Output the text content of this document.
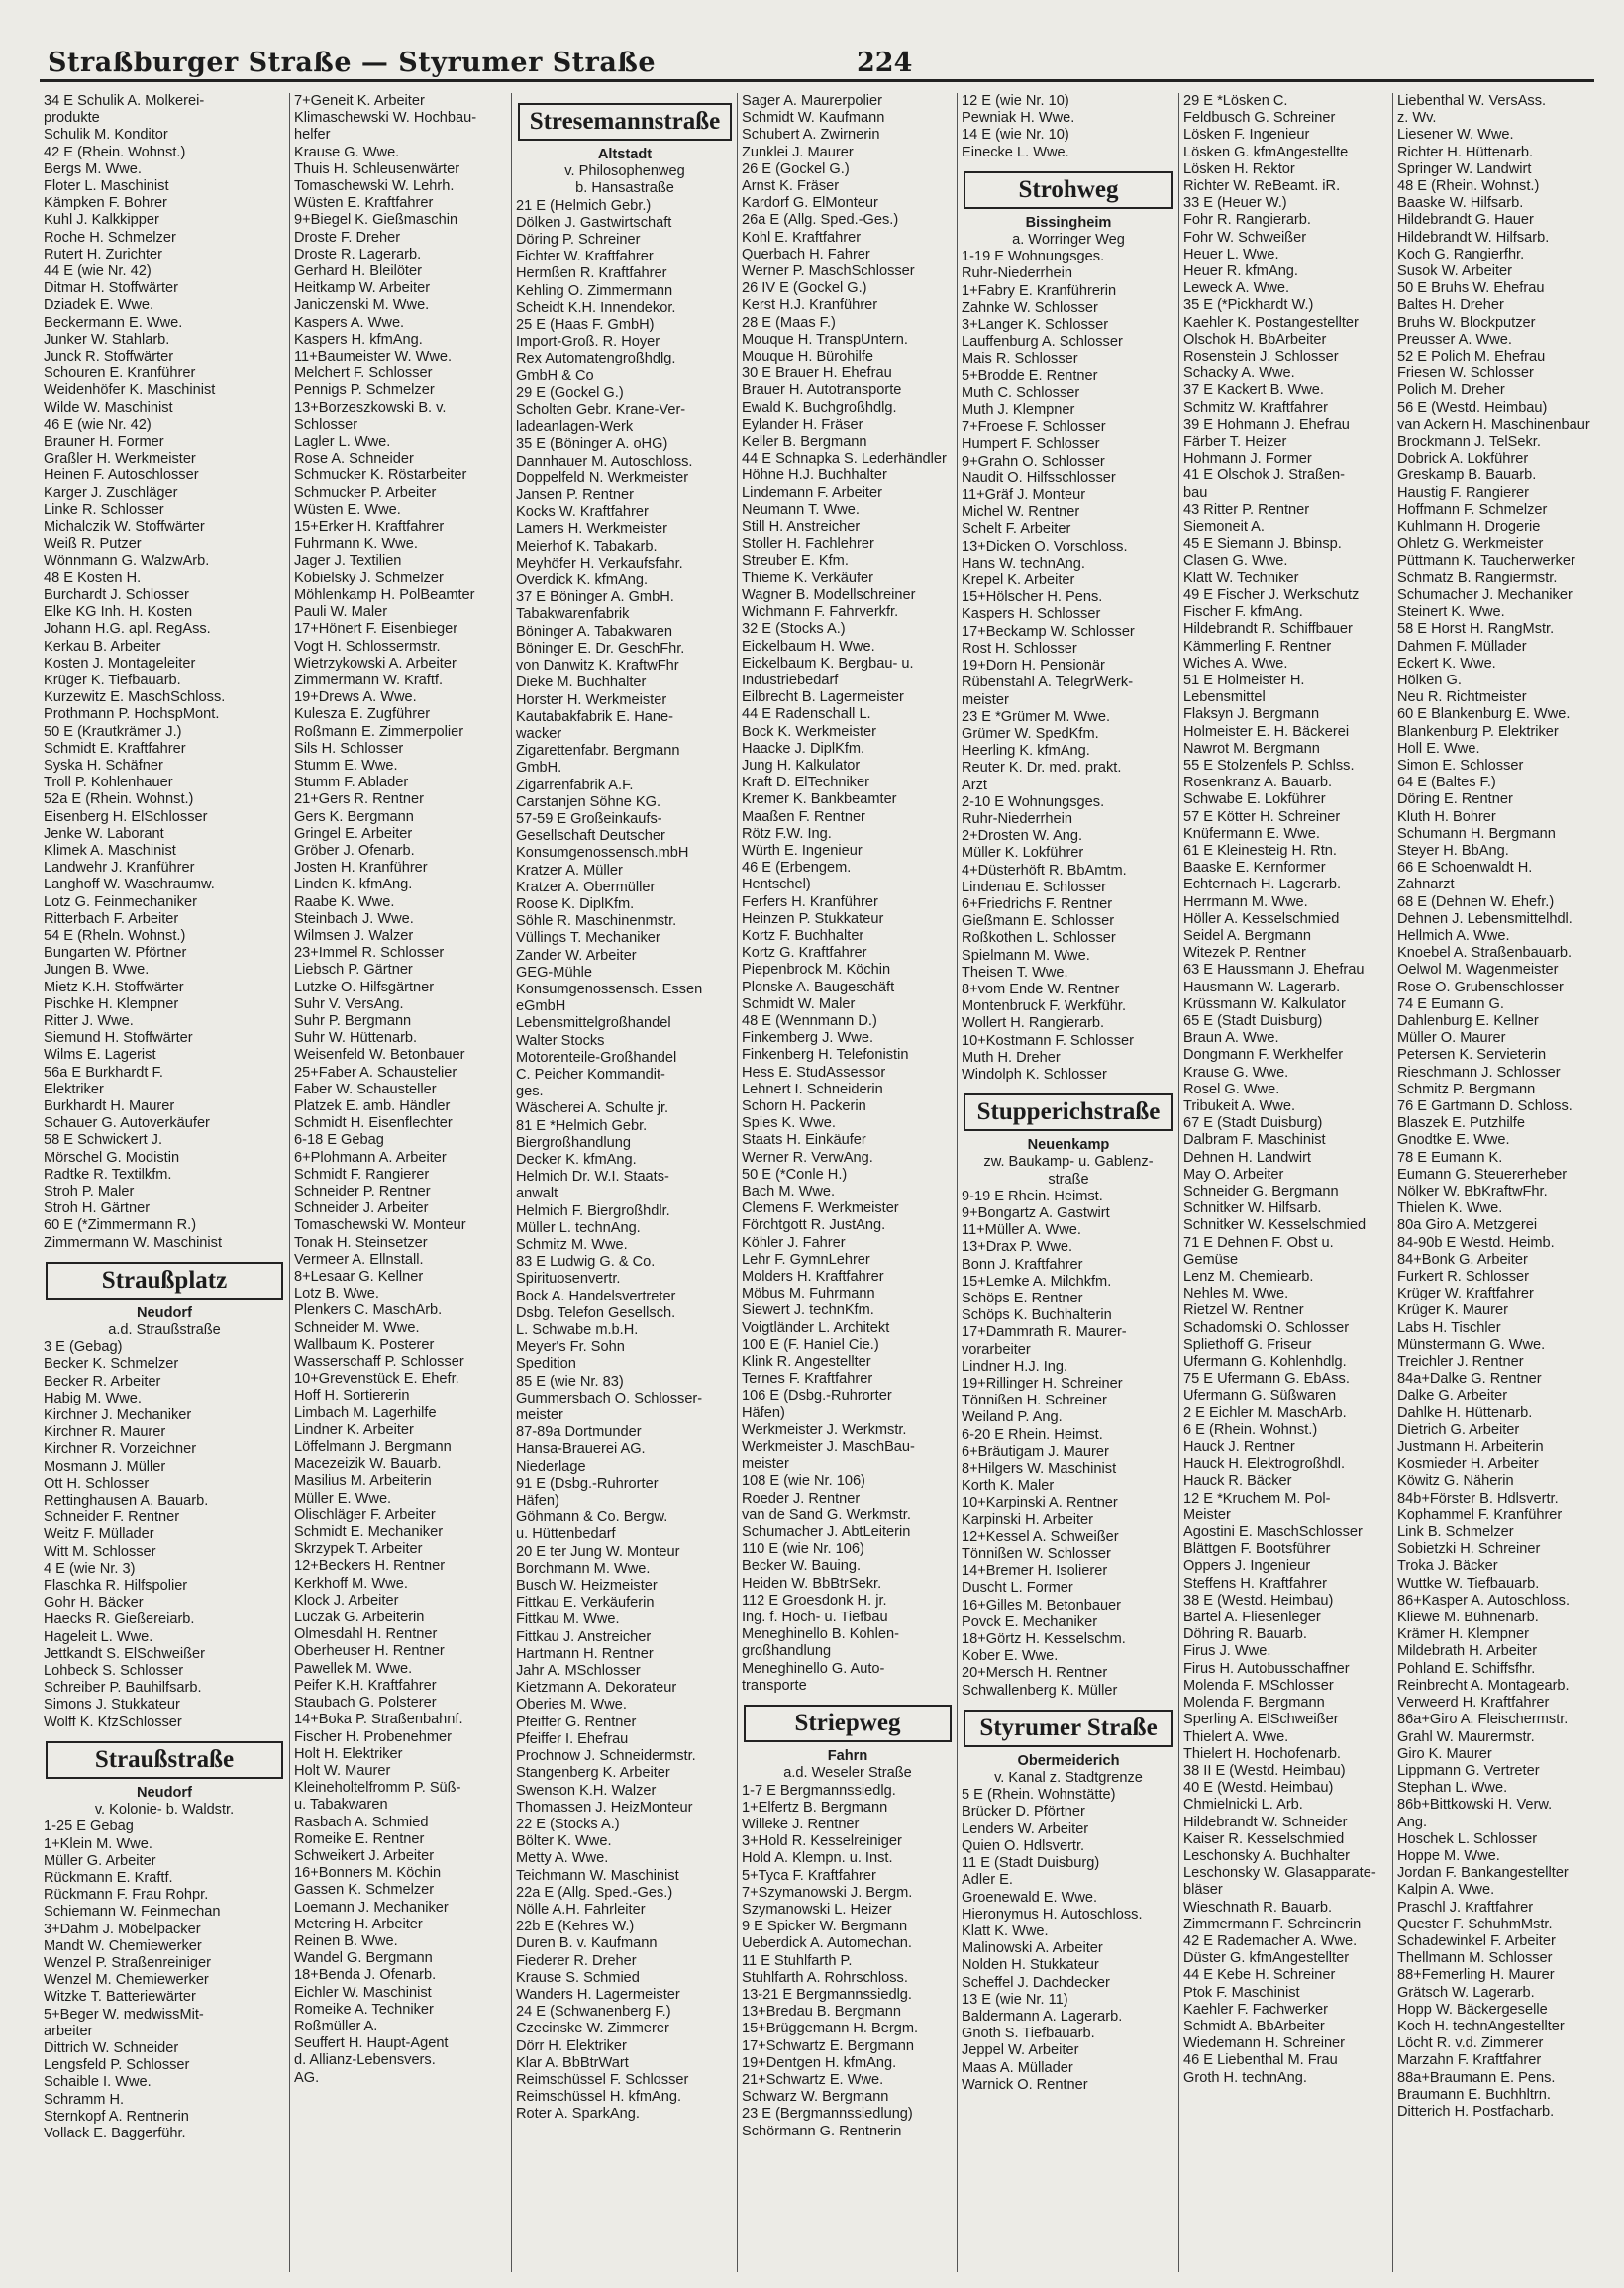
Straßburger Straße — Styrumer Straße	224
34 E Schulik A. Molkerei-
produkte
Schulik M. Konditor
42 E (Rhein. Wohnst.)
Bergs M. Wwe.
Floter L. Maschinist
Kämpken F. Bohrer
Kuhl J. Kalkkipper
Roche H. Schmelzer
Rutert H. Zurichter
44 E (wie Nr. 42)
Ditmar H. Stoffwärter
Dziadek E. Wwe.
Beckermann E. Wwe.
Junker W. Stahlarb.
Junck R. Stoffwärter
Schouren E. Kranführer
Weidenhöfer K. Maschinist
Wilde W. Maschinist
46 E (wie Nr. 42)
Brauner H. Former
Graßler H. Werkmeister
Heinen F. Autoschlosser
Karger J. Zuschläger
Linke R. Schlosser
Michalczik W. Stoffwärter
Weiß R. Putzer
Wönnmann G. WalzwArb.
48 E Kosten H.
Burchardt J. Schlosser
Elke KG Inh. H. Kosten
Johann H.G. apl. RegAss.
Kerkau B. Arbeiter
Kosten J. Montageleiter
Krüger K. Tiefbauarb.
Kurzewitz E. MaschSchloss.
Prothmann P. HochspMont.
50 E (Krautkrämer J.)
Schmidt E. Kraftfahrer
Syska H. Schäfner
Troll P. Kohlenhauer
52a E (Rhein. Wohnst.)
Eisenberg H. ElSchlosser
Jenke W. Laborant
Klimek A. Maschinist
Landwehr J. Kranführer
Langhoff W. Waschraumw.
Lotz G. Feinmechaniker
Ritterbach F. Arbeiter
54 E (Rheln. Wohnst.)
Bungarten W. Pförtner
Jungen B. Wwe.
Mietz K.H. Stoffwärter
Pischke H. Klempner
Ritter J. Wwe.
Siemund H. Stoffwärter
Wilms E. Lagerist
56a E Burkhardt F.
Elektriker
Burkhardt H. Maurer
Schauer G. Autoverkäufer
58 E Schwickert J.
Mörschel G. Modistin
Radtke R. Textilkfm.
Stroh P. Maler
Stroh H. Gärtner
60 E (*Zimmermann R.)
Zimmermann W. Maschinist
Straußplatz
Neudorf
a.d. Straußstraße
3 E (Gebag)
Becker K. Schmelzer
Becker R. Arbeiter
Habig M. Wwe.
Kirchner J. Mechaniker
Kirchner R. Maurer
Kirchner R. Vorzeichner
Mosmann J. Müller
Ott H. Schlosser
Rettinghausen A. Bauarb.
Schneider F. Rentner
Weitz F. Müllader
Witt M. Schlosser
4 E (wie Nr. 3)
Flaschka R. Hilfspolier
Gohr H. Bäcker
Haecks R. Gießereiarb.
Hageleit L. Wwe.
Jettkandt S. ElSchweißer
Lohbeck S. Schlosser
Schreiber P. Bauhilfsarb.
Simons J. Stukkateur
Wolff K. KfzSchlosser
Straußstraße
Neudorf
v. Kolonie- b. Waldstr.
1-25 E Gebag
1+Klein M. Wwe.
Müller G. Arbeiter
Rückmann E. Kraftf.
Rückmann F. Frau Rohpr.
Schiemann W. Feinmechan
3+Dahm J. Möbelpacker
Mandt W. Chemiewerker
Wenzel P. Straßenreiniger
Wenzel M. Chemiewerker
Witzke T. Batteriewärter
5+Beger W. medwissMit-
arbeiter
Dittrich W. Schneider
Lengsfeld P. Schlosser
Schaible I. Wwe.
Schramm H.
Sternkopf A. Rentnerin
Vollack E. Baggerführ.
7+Geneit K. Arbeiter
Klimaschewski W. Hochbau-
helfer
Krause G. Wwe.
Thuis H. Schleusenwärter
Tomaschewski W. Lehrh.
Wüsten E. Kraftfahrer
9+Biegel K. Gießmaschin
Droste F. Dreher
Droste R. Lagerarb.
Gerhard H. Bleilöter
Heitkamp W. Arbeiter
Janiczenski M. Wwe.
Kaspers A. Wwe.
Kaspers H. kfmAng.
11+Baumeister W. Wwe.
Melchert F. Schlosser
Pennigs P. Schmelzer
13+Borzeszkowski B. v.
Schlosser
Lagler L. Wwe.
Rose A. Schneider
Schmucker K. Röstarbeiter
Schmucker P. Arbeiter
Wüsten E. Wwe.
15+Erker H. Kraftfahrer
Fuhrmann K. Wwe.
Jager J. Textilien
Kobielsky J. Schmelzer
Möhlenkamp H. PolBeamter
Pauli W. Maler
17+Hönert F. Eisenbieger
Vogt H. Schlossermstr.
Wietrzykowski A. Arbeiter
Zimmermann W. Kraftf.
19+Drews A. Wwe.
Kulesza E. Zugführer
Roßmann E. Zimmerpolier
Sils H. Schlosser
Stumm E. Wwe.
Stumm F. Ablader
21+Gers R. Rentner
Gers K. Bergmann
Gringel E. Arbeiter
Gröber J. Ofenarb.
Josten H. Kranführer
Linden K. kfmAng.
Raabe K. Wwe.
Steinbach J. Wwe.
Wilmsen J. Walzer
23+Immel R. Schlosser
Liebsch P. Gärtner
Lutzke O. Hilfsgärtner
Suhr V. VersAng.
Suhr P. Bergmann
Suhr W. Hüttenarb.
Weisenfeld W. Betonbauer
25+Faber A. Schaustelier
Faber W. Schausteller
Platzek E. amb. Händler
Schmidt H. Eisenflechter
6-18 E Gebag
6+Plohmann A. Arbeiter
Schmidt F. Rangierer
Schneider P. Rentner
Schneider J. Arbeiter
Tomaschewski W. Monteur
Tonak H. Steinsetzer
Vermeer A. Ellnstall.
8+Lesaar G. Kellner
Lotz B. Wwe.
Plenkers C. MaschArb.
Schneider M. Wwe.
Wallbaum K. Posterer
Wasserschaff P. Schlosser
10+Grevenstück E. Ehefr.
Hoff H. Sortiererin
Limbach M. Lagerhilfe
Lindner K. Arbeiter
Löffelmann J. Bergmann
Macezeizik W. Bauarb.
Masilius M. Arbeiterin
Müller E. Wwe.
Olischläger F. Arbeiter
Schmidt E. Mechaniker
Skrzypek T. Arbeiter
12+Beckers H. Rentner
Kerkhoff M. Wwe.
Klock J. Arbeiter
Luczak G. Arbeiterin
Olmesdahl H. Rentner
Oberheuser H. Rentner
Pawellek M. Wwe.
Peifer K.H. Kraftfahrer
Staubach G. Polsterer
14+Boka P. Straßenbahnf.
Fischer H. Probenehmer
Holt H. Elektriker
Holt W. Maurer
Kleineholtelfromm P. Süß-
u. Tabakwaren
Rasbach A. Schmied
Romeike E. Rentner
Schweikert J. Arbeiter
16+Bonners M. Köchin
Gassen K. Schmelzer
Loemann J. Mechaniker
Metering H. Arbeiter
Reinen B. Wwe.
Wandel G. Bergmann
18+Benda J. Ofenarb.
Eichler W. Maschinist
Romeike A. Techniker
Roßmüller A.
Seuffert H. Haupt-Agent
d. Allianz-Lebensvers.
AG.
Stresemannstraße
Altstadt
v. Philosophenweg
b. Hansastraße
21 E (Helmich Gebr.)
Dölken J. Gastwirtschaft
Döring P. Schreiner
Fichter W. Kraftfahrer
Hermßen R. Kraftfahrer
Kehling O. Zimmermann
Scheidt K.H. Innendekor.
25 E (Haas F. GmbH)
Import-Groß. R. Hoyer
Rex Automatengroßhdlg.
GmbH & Co
29 E (Gockel G.)
Scholten Gebr. Krane-Ver-
ladeanlagen-Werk
35 E (Böninger A. oHG)
Dannhauer M. Autoschloss.
Doppelfeld N. Werkmeister
Jansen P. Rentner
Kocks W. Kraftfahrer
Lamers H. Werkmeister
Meierhof K. Tabakarb.
Meyhöfer H. Verkaufsfahr.
Overdick K. kfmAng.
37 E Böninger A. GmbH.
Tabakwarenfabrik
Böninger A. Tabakwaren
Böninger E. Dr. GeschFhr.
von Danwitz K. KraftwFhr
Dieke M. Buchhalter
Horster H. Werkmeister
Kautabakfabrik E. Hane-
wacker
Zigarettenfabr. Bergmann
GmbH.
Zigarrenfabrik A.F.
Carstanjen Söhne KG.
57-59 E Großeinkaufs-
Gesellschaft Deutscher
Konsumgenossensch.mbH
Kratzer A. Müller
Kratzer A. Obermüller
Roose K. DiplKfm.
Söhle R. Maschinenmstr.
Vüllings T. Mechaniker
Zander W. Arbeiter
GEG-Mühle
Konsumgenossensch. Essen
eGmbH
Lebensmittelgroßhandel
Walter Stocks
Motorenteile-Großhandel
C. Peicher Kommandit-
ges.
Wäscherei A. Schulte jr.
81 E *Helmich Gebr.
Biergroßhandlung
Decker K. kfmAng.
Helmich Dr. W.I. Staats-
anwalt
Helmich F. Biergroßhdlr.
Müller L. technAng.
Schmitz M. Wwe.
83 E Ludwig G. & Co.
Spirituosenvertr.
Bock A. Handelsvertreter
Dsbg. Telefon Gesellsch.
L. Schwabe m.b.H.
Meyer's Fr. Sohn
Spedition
85 E (wie Nr. 83)
Gummersbach O. Schlosser-
meister
87-89a Dortmunder
Hansa-Brauerei AG.
Niederlage
91 E (Dsbg.-Ruhrorter
Häfen)
Göhmann & Co. Bergw.
u. Hüttenbedarf
20 E ter Jung W. Monteur
Borchmann M. Wwe.
Busch W. Heizmeister
Fittkau E. Verkäuferin
Fittkau M. Wwe.
Fittkau J. Anstreicher
Hartmann H. Rentner
Jahr A. MSchlosser
Kietzmann A. Dekorateur
Oberies M. Wwe.
Pfeiffer G. Rentner
Pfeiffer I. Ehefrau
Prochnow J. Schneidermstr.
Stangenberg K. Arbeiter
Swenson K.H. Walzer
Thomassen J. HeizMonteur
22 E (Stocks A.)
Bölter K. Wwe.
Metty A. Wwe.
Teichmann W. Maschinist
22a E (Allg. Sped.-Ges.)
Nölle A.H. Fahrleiter
22b E (Kehres W.)
Duren B. v. Kaufmann
Fiederer R. Dreher
Krause S. Schmied
Wanders H. Lagermeister
24 E (Schwanenberg F.)
Czecinske W. Zimmerer
Dörr H. Elektriker
Klar A. BbBtrWart
Reimschüssel F. Schlosser
Reimschüssel H. kfmAng.
Roter A. SparkAng.
Sager A. Maurerpolier
Schmidt W. Kaufmann
Schubert A. Zwirnerin
Zunklei J. Maurer
26 E (Gockel G.)
Arnst K. Fräser
Kardorf G. ElMonteur
26a E (Allg. Sped.-Ges.)
Kohl E. Kraftfahrer
Querbach H. Fahrer
Werner P. MaschSchlosser
26 IV E (Gockel G.)
Kerst H.J. Kranführer
28 E (Maas F.)
Mouque H. TranspUntern.
Mouque H. Bürohilfe
30 E Brauer H. Ehefrau
Brauer H. Autotransporte
Ewald K. Buchgroßhdlg.
Eylander H. Fräser
Keller B. Bergmann
44 E Schnapka S. Lederhändler
Höhne H.J. Buchhalter
Lindemann F. Arbeiter
Neumann T. Wwe.
Still H. Anstreicher
Stoller H. Fachlehrer
Streuber E. Kfm.
Thieme K. Verkäufer
Wagner B. Modellschreiner
Wichmann F. Fahrverkfr.
32 E (Stocks A.)
Eickelbaum H. Wwe.
Eickelbaum K. Bergbau- u.
Industriebedarf
Eilbrecht B. Lagermeister
44 E Radenschall L.
Bock K. Werkmeister
Haacke J. DiplKfm.
Jung H. Kalkulator
Kraft D. ElTechniker
Kremer K. Bankbeamter
Maaßen F. Rentner
Rötz F.W. Ing.
Würth E. Ingenieur
46 E (Erbengem.
Hentschel)
Ferfers H. Kranführer
Heinzen P. Stukkateur
Kortz F. Buchhalter
Kortz G. Kraftfahrer
Piepenbrock M. Köchin
Plonske A. Baugeschäft
Schmidt W. Maler
48 E (Wennmann D.)
Finkemberg J. Wwe.
Finkenberg H. Telefonistin
Hess E. StudAssessor
Lehnert I. Schneiderin
Schorn H. Packerin
Spies K. Wwe.
Staats H. Einkäufer
Werner R. VerwAng.
50 E (*Conle H.)
Bach M. Wwe.
Clemens F. Werkmeister
Förchtgott R. JustAng.
Köhler J. Fahrer
Lehr F. GymnLehrer
Molders H. Kraftfahrer
Möbus M. Fuhrmann
Siewert J. technKfm.
Voigtländer L. Architekt
100 E (F. Haniel Cie.)
Klink R. Angestellter
Ternes F. Kraftfahrer
106 E (Dsbg.-Ruhrorter
Häfen)
Werkmeister J. Werkmstr.
Werkmeister J. MaschBau-
meister
108 E (wie Nr. 106)
Roeder J. Rentner
van de Sand G. Werkmstr.
Schumacher J. AbtLeiterin
110 E (wie Nr. 106)
Becker W. Bauing.
Heiden W. BbBtrSekr.
112 E Groesdonk H. jr.
Ing. f. Hoch- u. Tiefbau
Meneghinello B. Kohlen-
großhandlung
Meneghinello G. Auto-
transporte
Striepweg
Fahrn
a.d. Weseler Straße
1-7 E Bergmannssiedlg.
1+Elfertz B. Bergmann
Willeke J. Rentner
3+Hold R. Kesselreiniger
Hold A. Klempn. u. Inst.
5+Tyca F. Kraftfahrer
7+Szymanowski J. Bergm.
Szymanowski L. Heizer
9 E Spicker W. Bergmann
Ueberdick A. Automechan.
11 E Stuhlfarth P.
Stuhlfarth A. Rohrschloss.
13-21 E Bergmannssiedlg.
13+Bredau B. Bergmann
15+Brüggemann H. Bergm.
17+Schwartz E. Bergmann
19+Dentgen H. kfmAng.
21+Schwartz E. Wwe.
Schwarz W. Bergmann
23 E (Bergmannssiedlung)
Schörmann G. Rentnerin
12 E (wie Nr. 10)
Pewniak H. Wwe.
14 E (wie Nr. 10)
Einecke L. Wwe.
Strohweg
Bissingheim
a. Worringer Weg
1-19 E Wohnungsges.
Ruhr-Niederrhein
1+Fabry E. Kranführerin
Zahnke W. Schlosser
3+Langer K. Schlosser
Lauffenburg A. Schlosser
Mais R. Schlosser
5+Brodde E. Rentner
Muth C. Schlosser
Muth J. Klempner
7+Froese F. Schlosser
Humpert F. Schlosser
9+Grahn O. Schlosser
Naudit O. Hilfsschlosser
11+Gräf J. Monteur
Michel W. Rentner
Schelt F. Arbeiter
13+Dicken O. Vorschloss.
Hans W. technAng.
Krepel K. Arbeiter
15+Hölscher H. Pens.
Kaspers H. Schlosser
17+Beckamp W. Schlosser
Rost H. Schlosser
19+Dorn H. Pensionär
Rübenstahl A. TelegrWerk-
meister
23 E *Grümer M. Wwe.
Grümer W. SpedKfm.
Heerling K. kfmAng.
Reuter K. Dr. med. prakt.
Arzt
2-10 E Wohnungsges.
Ruhr-Niederrhein
2+Drosten W. Ang.
Müller K. Lokführer
4+Düsterhöft R. BbAmtm.
Lindenau E. Schlosser
6+Friedrichs F. Rentner
Gießmann E. Schlosser
Roßkothen L. Schlosser
Spielmann M. Wwe.
Theisen T. Wwe.
8+vom Ende W. Rentner
Montenbruck F. Werkführ.
Wollert H. Rangierarb.
10+Kostmann F. Schlosser
Muth H. Dreher
Windolph K. Schlosser
Stupperichstraße
Neuenkamp
zw. Baukamp- u. Gablenz-
straße
9-19 E Rhein. Heimst.
9+Bongartz A. Gastwirt
11+Müller A. Wwe.
13+Drax P. Wwe.
Bonn J. Kraftfahrer
15+Lemke A. Milchkfm.
Schöps E. Rentner
Schöps K. Buchhalterin
17+Dammrath R. Maurer-
vorarbeiter
Lindner H.J. Ing.
19+Rillinger H. Schreiner
Tönnißen H. Schreiner
Weiland P. Ang.
6-20 E Rhein. Heimst.
6+Bräutigam J. Maurer
8+Hilgers W. Maschinist
Korth K. Maler
10+Karpinski A. Rentner
Karpinski H. Arbeiter
12+Kessel A. Schweißer
Tönnißen W. Schlosser
14+Bremer H. Isolierer
Duscht L. Former
16+Gilles M. Betonbauer
Povck E. Mechaniker
18+Görtz H. Kesselschm.
Kober E. Wwe.
20+Mersch H. Rentner
Schwallenberg K. Müller
Styrumer Straße
Obermeiderich
v. Kanal z. Stadtgrenze
5 E (Rhein. Wohnstätte)
Brücker D. Pförtner
Lenders W. Arbeiter
Quien O. Hdlsvertr.
11 E (Stadt Duisburg)
Adler E.
Groenewald E. Wwe.
Hieronymus H. Autoschloss.
Klatt K. Wwe.
Malinowski A. Arbeiter
Nolden H. Stukkateur
Scheffel J. Dachdecker
13 E (wie Nr. 11)
Baldermann A. Lagerarb.
Gnoth S. Tiefbauarb.
Jeppel W. Arbeiter
Maas A. Müllader
Warnick O. Rentner
29 E *Lösken C.
Feldbusch G. Schreiner
Lösken F. Ingenieur
Lösken G. kfmAngestellte
Lösken H. Rektor
Richter W. ReBeamt. iR.
33 E (Heuer W.)
Fohr R. Rangierarb.
Fohr W. Schweißer
Heuer L. Wwe.
Heuer R. kfmAng.
Leweck A. Wwe.
35 E (*Pickhardt W.)
Kaehler K. Postangestellter
Olschok H. BbArbeiter
Rosenstein J. Schlosser
Schacky A. Wwe.
37 E Kackert B. Wwe.
Schmitz W. Kraftfahrer
39 E Hohmann J. Ehefrau
Färber T. Heizer
Hohmann J. Former
41 E Olschok J. Straßen-
bau
43 Ritter P. Rentner
Siemoneit A.
45 E Siemann J. Bbinsp.
Clasen G. Wwe.
Klatt W. Techniker
49 E Fischer J. Werkschutz
Fischer F. kfmAng.
Hildebrandt R. Schiffbauer
Kämmerling F. Rentner
Wiches A. Wwe.
51 E Holmeister H.
Lebensmittel
Flaksyn J. Bergmann
Holmeister E. H. Bäckerei
Nawrot M. Bergmann
55 E Stolzenfels P. Schlss.
Rosenkranz A. Bauarb.
Schwabe E. Lokführer
57 E Kötter H. Schreiner
Knüfermann E. Wwe.
61 E Kleinesteig H. Rtn.
Baaske E. Kernformer
Echternach H. Lagerarb.
Herrmann M. Wwe.
Höller A. Kesselschmied
Seidel A. Bergmann
Witezek P. Rentner
63 E Haussmann J. Ehefrau
Hausmann W. Lagerarb.
Krüssmann W. Kalkulator
65 E (Stadt Duisburg)
Braun A. Wwe.
Dongmann F. Werkhelfer
Krause G. Wwe.
Rosel G. Wwe.
Tribukeit A. Wwe.
67 E (Stadt Duisburg)
Dalbram F. Maschinist
Dehnen H. Landwirt
May O. Arbeiter
Schneider G. Bergmann
Schnitker W. Hilfsarb.
Schnitker W. Kesselschmied
71 E Dehnen F. Obst u.
Gemüse
Lenz M. Chemiearb.
Nehles M. Wwe.
Rietzel W. Rentner
Schadomski O. Schlosser
Spliethoff G. Friseur
Ufermann G. Kohlenhdlg.
75 E Ufermann G. EbAss.
Ufermann G. Süßwaren
2 E Eichler M. MaschArb.
6 E (Rhein. Wohnst.)
Hauck J. Rentner
Hauck H. Elektrogroßhdl.
Hauck R. Bäcker
12 E *Kruchem M. Pol-
Meister
Agostini E. MaschSchlosser
Blättgen F. Bootsführer
Oppers J. Ingenieur
Steffens H. Kraftfahrer
38 E (Westd. Heimbau)
Bartel A. Fliesenleger
Döhring R. Bauarb.
Firus J. Wwe.
Firus H. Autobusschaffner
Molenda F. MSchlosser
Molenda F. Bergmann
Sperling A. ElSchweißer
Thielert A. Wwe.
Thielert H. Hochofenarb.
38 II E (Westd. Heimbau)
40 E (Westd. Heimbau)
Chmielnicki L. Arb.
Hildebrandt W. Schneider
Kaiser R. Kesselschmied
Leschonsky A. Buchhalter
Leschonsky W. Glasapparate-
bläser
Wieschnath R. Bauarb.
Zimmermann F. Schreinerin
42 E Rademacher A. Wwe.
Düster G. kfmAngestellter
44 E Kebe H. Schreiner
Ptok F. Maschinist
Kaehler F. Fachwerker
Schmidt A. BbArbeiter
Wiedemann H. Schreiner
46 E Liebenthal M. Frau
Groth H. technAng.
Liebenthal W. VersAss.
z. Wv.
Liesener W. Wwe.
Richter H. Hüttenarb.
Springer W. Landwirt
48 E (Rhein. Wohnst.)
Baaske W. Hilfsarb.
Hildebrandt G. Hauer
Hildebrandt W. Hilfsarb.
Koch G. Rangierfhr.
Susok W. Arbeiter
50 E Bruhs W. Ehefrau
Baltes H. Dreher
Bruhs W. Blockputzer
Preusser A. Wwe.
52 E Polich M. Ehefrau
Friesen W. Schlosser
Polich M. Dreher
56 E (Westd. Heimbau)
van Ackern H. Maschinenbaur
Brockmann J. TelSekr.
Dobrick A. Lokführer
Greskamp B. Bauarb.
Haustig F. Rangierer
Hoffmann F. Schmelzer
Kuhlmann H. Drogerie
Ohletz G. Werkmeister
Püttmann K. Taucherwerker
Schmatz B. Rangiermstr.
Schumacher J. Mechaniker
Steinert K. Wwe.
58 E Horst H. RangMstr.
Dahmen F. Müllader
Eckert K. Wwe.
Hölken G.
Neu R. Richtmeister
60 E Blankenburg E. Wwe.
Blankenburg P. Elektriker
Holl E. Wwe.
Simon E. Schlosser
64 E (Baltes F.)
Döring E. Rentner
Kluth H. Bohrer
Schumann H. Bergmann
Steyer H. BbAng.
66 E Schoenwaldt H.
Zahnarzt
68 E (Dehnen W. Ehefr.)
Dehnen J. Lebensmittelhdl.
Hellmich A. Wwe.
Knoebel A. Straßenbauarb.
Oelwol M. Wagenmeister
Rose O. Grubenschlosser
74 E Eumann G.
Dahlenburg E. Kellner
Müller O. Maurer
Petersen K. Servieterin
Rieschmann J. Schlosser
Schmitz P. Bergmann
76 E Gartmann D. Schloss.
Blaszek E. Putzhilfe
Gnodtke E. Wwe.
78 E Eumann K.
Eumann G. Steuererheber
Nölker W. BbKraftwFhr.
Thielen K. Wwe.
80a Giro A. Metzgerei
84-90b E Westd. Heimb.
84+Bonk G. Arbeiter
Furkert R. Schlosser
Krüger W. Kraftfahrer
Krüger K. Maurer
Labs H. Tischler
Münstermann G. Wwe.
Treichler J. Rentner
84a+Dalke G. Rentner
Dalke G. Arbeiter
Dahlke H. Hüttenarb.
Dietrich G. Arbeiter
Justmann H. Arbeiterin
Kosmieder H. Arbeiter
Köwitz G. Näherin
84b+Förster B. Hdlsvertr.
Kophammel F. Kranführer
Link B. Schmelzer
Sobietzki H. Schreiner
Troka J. Bäcker
Wuttke W. Tiefbauarb.
86+Kasper A. Autoschloss.
Kliewe M. Bühnenarb.
Krämer H. Klempner
Mildebrath H. Arbeiter
Pohland E. Schiffsfhr.
Reinbrecht A. Montagearb.
Verweerd H. Kraftfahrer
86a+Giro A. Fleischermstr.
Grahl W. Maurermstr.
Giro K. Maurer
Lippmann G. Vertreter
Stephan L. Wwe.
86b+Bittkowski H. Verw.
Ang.
Hoschek L. Schlosser
Hoppe M. Wwe.
Jordan F. Bankangestellter
Kalpin A. Wwe.
Praschl J. Kraftfahrer
Quester F. SchuhmMstr.
Schadewinkel F. Arbeiter
Thellmann M. Schlosser
88+Femerling H. Maurer
Grätsch W. Lagerarb.
Hopp W. Bäckergeselle
Koch H. technAngestellter
Löcht R. v.d. Zimmerer
Marzahn F. Kraftfahrer
88a+Braumann E. Pens.
Braumann E. Buchhltrn.
Ditterich H. Postfacharb.
